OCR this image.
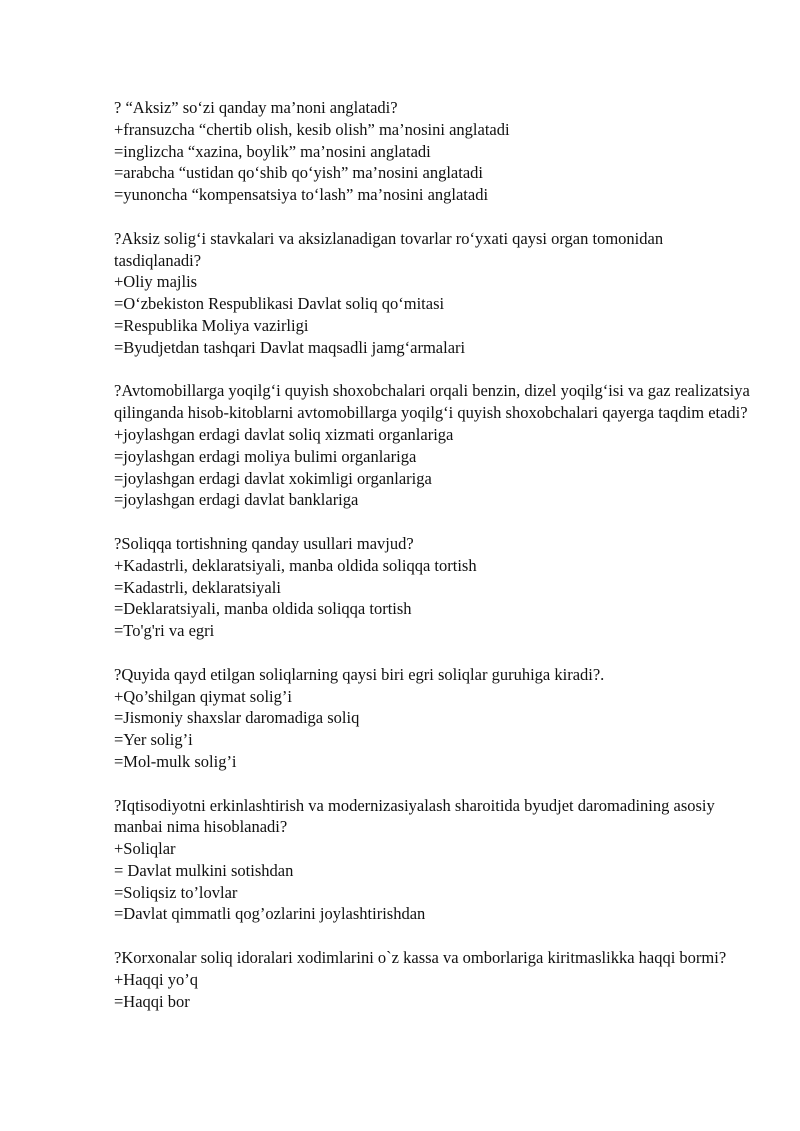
? “Aksiz” so‘zi qanday ma’noni anglatadi?

+fransuzcha “chertib olish, kesib olish” ma’nosini anglatadi

=inglizcha “xazina, boylik” ma’nosini anglatadi

=arabcha “ustidan qo‘shib qo‘yish” ma’nosini anglatadi

=yunoncha “kompensatsiya to‘lash” ma’nosini anglatadi

?Aksiz solig‘i stavkalari va aksizlanadigan tovarlar ro‘yxati qaysi organ tomonidan tasdiqlanadi?

+Oliy majlis

=O‘zbekiston Respublikasi Davlat soliq qo‘mitasi

=Respublika Moliya vazirligi

=Byudjetdan tashqari Davlat maqsadli jamg‘armalari

?Avtomobillarga yoqilg‘i quyish shoxobchalari orqali benzin, dizel yoqilg‘isi va gaz realizatsiya qilinganda hisob-kitoblarni avtomobillarga yoqilg‘i quyish shoxobchalari qayerga taqdim etadi?

+joylashgan erdagi davlat soliq xizmati organlariga

=joylashgan erdagi moliya bulimi organlariga

=joylashgan erdagi davlat xokimligi organlariga

=joylashgan erdagi davlat banklariga

?Soliqqa tortishning qanday usullari mavjud?

+Kadastrli, deklaratsiyali, manba oldida soliqqa tortish

=Kadastrli, deklaratsiyali

=Deklaratsiyali, manba oldida soliqqa tortish

=To'g'ri va egri

?Quyida qayd etilgan soliqlarning qaysi biri egri soliqlar guruhiga kiradi?.

+Qo’shilgan qiymat solig’i

=Jismoniy shaxslar daromadiga soliq

=Yer solig’i

=Mol-mulk solig’i

?Iqtisodiyotni erkinlashtirish va modernizasiyalash sharoitida byudjet daromadining asosiy manbai nima hisoblanadi?

+Soliqlar

= Davlat mulkini sotishdan

=Soliqsiz to’lovlar

=Davlat qimmatli qog’ozlarini joylashtirishdan

?Korxonalar soliq idoralari xodimlarini o`z kassa va omborlariga kiritmaslikka haqqi bormi?

+Haqqi yo’q

=Haqqi bor
